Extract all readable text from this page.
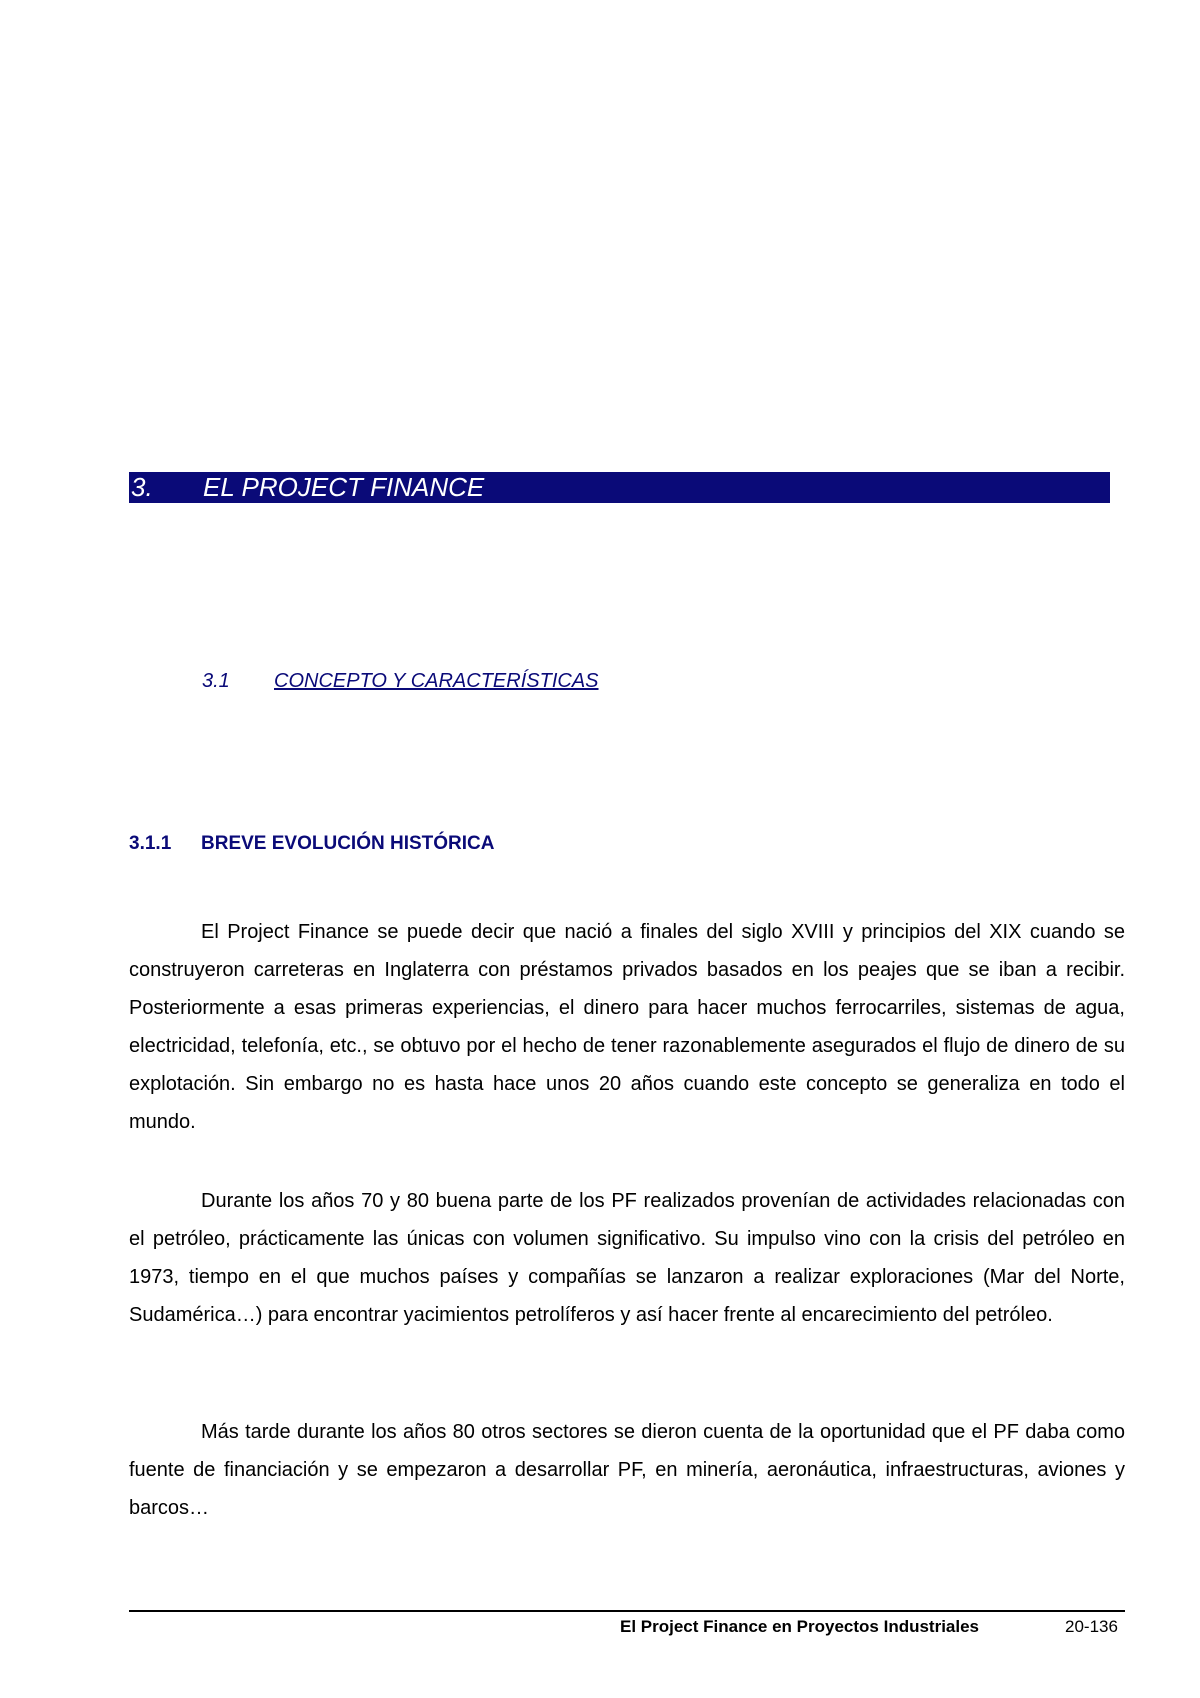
3. EL PROJECT FINANCE
3.1 CONCEPTO Y CARACTERÍSTICAS
3.1.1 BREVE EVOLUCIÓN HISTÓRICA

El Project Finance se puede decir que nació a finales del siglo XVIII y principios del XIX cuando se construyeron carreteras en Inglaterra con préstamos privados basados en los peajes que se iban a recibir. Posteriormente a esas primeras experiencias, el dinero para hacer muchos ferrocarriles, sistemas de agua, electricidad, telefonía, etc., se obtuvo por el hecho de tener razonablemente asegurados el flujo de dinero de su explotación. Sin embargo no es hasta hace unos 20 años cuando este concepto se generaliza en todo el mundo.

Durante los años 70 y 80 buena parte de los PF realizados provenían de actividades relacionadas con el petróleo, prácticamente las únicas con volumen significativo. Su impulso vino con la crisis del petróleo en 1973, tiempo en el que muchos países y compañías se lanzaron a realizar exploraciones (Mar del Norte, Sudamérica…) para encontrar yacimientos petrolíferos y así hacer frente al encarecimiento del petróleo.

Más tarde durante los años 80 otros sectores se dieron cuenta de la oportunidad que el PF daba como fuente de financiación y se empezaron a desarrollar PF, en minería, aeronáutica, infraestructuras, aviones y barcos…

El Project Finance en Proyectos Industriales	20-136
